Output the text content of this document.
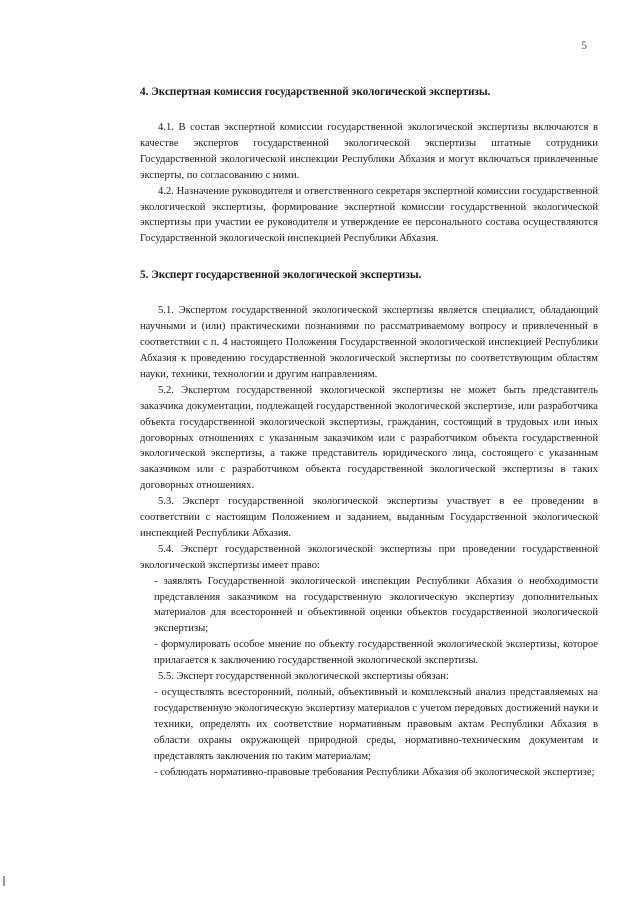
5
4. Экспертная комиссия государственной экологической экспертизы.

4.1. В состав экспертной комиссии государственной экологической экспертизы включаются в качестве экспертов государственной экологической экспертизы штатные сотрудники Государственной экологической инспекции Республики Абхазия и могут включаться привлеченные эксперты, по согласованию с ними.

4.2. Назначение руководителя и ответственного секретаря экспертной комиссии государственной экологической экспертизы, формирование экспертной комиссии государственной экологической экспертизы при участии ее руководителя и утверждение ее персонального состава осуществляются Государственной экологической инспекцией Республики Абхазия.

5. Эксперт государственной экологической экспертизы.

5.1. Экспертом государственной экологической экспертизы является специалист, обладающий научными и (или) практическими познаниями по рассматриваемому вопросу и привлеченный в соответствии с п. 4 настоящего Положения Государственной экологической инспекцией Республики Абхазия к проведению государственной экологической экспертизы по соответствующим областям науки, техники, технологии и другим направлениям.

5.2. Экспертом государственной экологической экспертизы не может быть представитель заказчика документации, подлежащей государственной экологической экспертизе, или разработчика объекта государственной экологической экспертизы, гражданин, состоящий в трудовых или иных договорных отношениях с указанным заказчиком или с разработчиком объекта государственной экологической экспертизы, а также представитель юридического лица, состоящего с указанным заказчиком или с разработчиком объекта государственной экологической экспертизы в таких договорных отношениях.

5.3. Эксперт государственной экологической экспертизы участвует в ее проведении в соответствии с настоящим Положением и заданием, выданным Государственной экологической инспекцией Республики Абхазия.

5.4. Эксперт государственной экологической экспертизы при проведении государственной экологической экспертизы имеет право:

- заявлять Государственной экологической инспекции Республики Абхазия о необходимости представления заказчиком на государственную экологическую экспертизу дополнительных материалов для всесторонней и объективной оценки объектов государственной экологической экспертизы;

- формулировать особое мнение по объекту государственной экологической экспертизы, которое прилагается к заключению государственной экологической экспертизы.

5.5. Эксперт государственной экологической экспертизы обязан:

- осуществлять всесторонний, полный, объективный и комплексный анализ представляемых на государственную экологическую экспертизу материалов с учетом передовых достижений науки и техники, определять их соответствие нормативным правовым актам Республики Абхазия в области охраны окружающей природной среды, нормативно-техническим документам и представлять заключения по таким материалам;

- соблюдать нормативно-правовые требования Республики Абхазия об экологической экспертизе;
